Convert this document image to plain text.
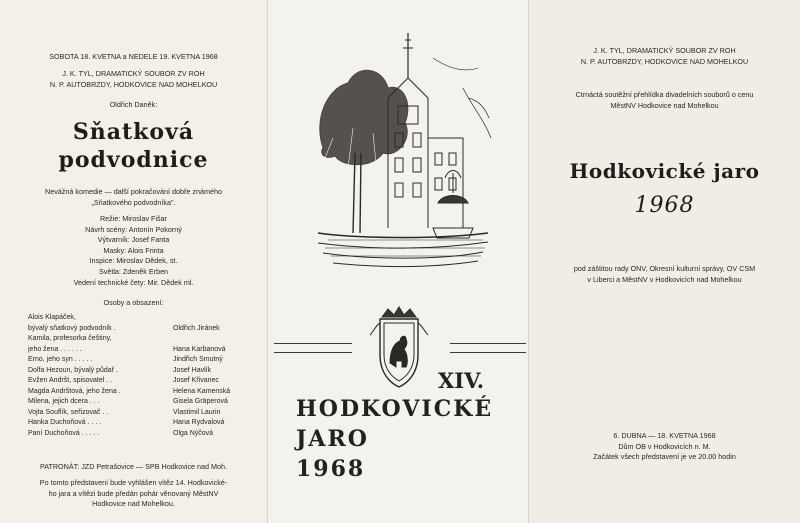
SOBOTA 18. KVETNA a NEDELE 19. KVETNA 1968
J. K. TYL, DRAMATICKÝ SOUBOR ZV ROH
N. P. AUTOBRZDY, HODKOVICE NAD MOHELKOU
Oldřich Daněk:
Sňatková
podvodnice
Nevážná komedie — další pokračování dobře známého
„Sňatkového podvodníka".
Režie: Miroslav Fišar
Návrh scény: Antonín Pokorný
Výtvarník: Josef Fanta
Masky: Alois Frinta
Inspice: Miroslav Dědek, st.
Světla: Zdeněk Erben
Vedení technické čety: Mir. Dědek ml.
Osoby a obsazení:
Alois Klapáček,
bývalý sňatkový podvodník .	Oldřich Jiránek
Kamila, profesorka češtiny,
jeho žena . . . . . .	Hana Karbanová
Erno, jeho syn . . . . .	Jindřich Smutný
Dolfa Hezoun, bývalý půdař .	Josef Havlík
Evžen Andršt, spisovatel . .	Josef Křivanec
Magda Andrštová, jeho žena .	Helena Kamenská
Milena, jejich dcera . . .	Gisela Gräperová
Vojta Souflík, seřizovač . .	Vlastimil Laurin
Hanka Duchoňová . . . .	Hana Rydvalová
Paní Duchoňová . . . . .	Olga Nýčová
PATRONÁT: JZD Petrašovice — SPB Hodkovice nad Moh.
Po tomto představení bude vyhlášen vítěz 14. Hodkovické-
ho jara a vítězi bude předán pohár věnovaný MěstNV
Hodkovice nad Mohelkou.
XIV.
HODKOVICKÉ
JARO
1968
J. K. TYL, DRAMATICKÝ SOUBOR ZV ROH
N. P. AUTOBRZDY, HODKOVICE NAD MOHELKOU
Ctrnáctá soutěžní přehlídka divadelních souborů o cenu
MěstNV Hodkovice nad Mohelkou
Hodkovické jaro
1968
pod záštitou rady ONV, Okresní kulturní správy, OV CSM
v Liberci a MěstNV v Hodkovicích nad Mohelkou
6. DUBNA — 18. KVETNA 1968
Dům OB v Hodkovicích n. M.
Začátek všech představení je ve 20.00 hodin
